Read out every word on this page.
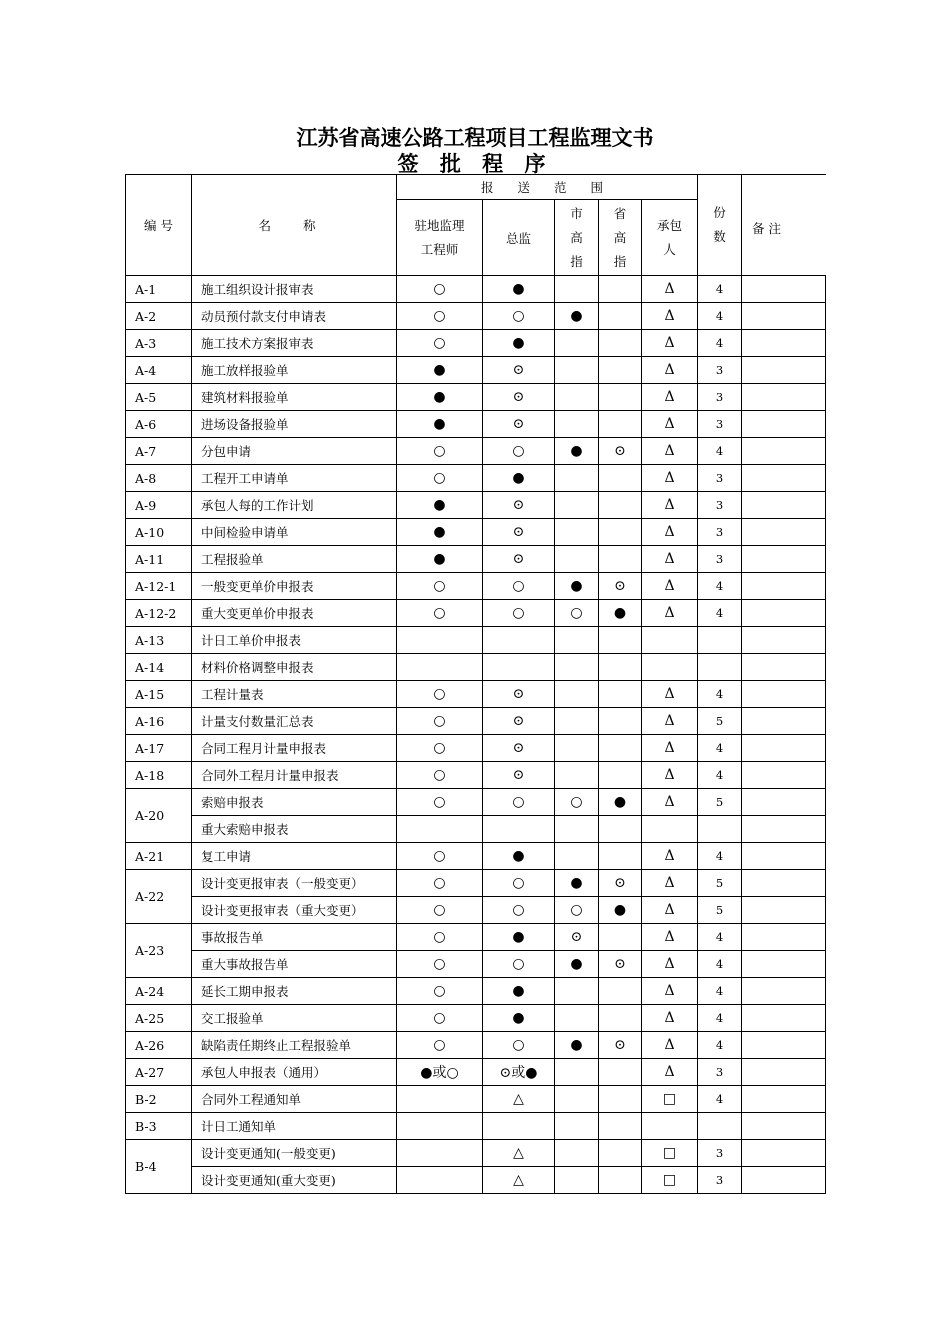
江苏省高速公路工程项目工程监理文书
签 批 程 序
编 号	名 称	报 送 范 围					份数	备 注

		驻地监理工程师	总监	市高指	省高指	承包人		

A-1	施工组织设计报审表	○	●			Δ	4	
A-2	动员预付款支付申请表	○	○	●		Δ	4	
A-3	施工技术方案报审表	○	●			Δ	4	
A-4	施工放样报验单	●	⊙			Δ	3	
A-5	建筑材料报验单	●	⊙			Δ	3	
A-6	进场设备报验单	●	⊙			Δ	3	
A-7	分包申请	○	○	●	⊙	Δ	4	
A-8	工程开工申请单	○	●			Δ	3	
A-9	承包人每的工作计划	●	⊙			Δ	3	
A-10	中间检验申请单	●	⊙			Δ	3	
A-11	工程报验单	●	⊙			Δ	3	
A-12-1	一般变更单价申报表	○	○	●	⊙	Δ	4	
A-12-2	重大变更单价申报表	○	○	○	●	Δ	4	
A-13	计日工单价申报表							
A-14	材料价格调整申报表							
A-15	工程计量表	○	⊙			Δ	4	
A-16	计量支付数量汇总表	○	⊙			Δ	5	
A-17	合同工程月计量申报表	○	⊙			Δ	4	
A-18	合同外工程月计量申报表	○	⊙			Δ	4	
A-20	索赔申报表	○	○	○	●	Δ	5	
	重大索赔申报表							
A-21	复工申请	○	●			Δ	4	
A-22	设计变更报审表（一般变更）	○	○	●	⊙	Δ	5	
	设计变更报审表（重大变更）	○	○	○	●	Δ	5	
A-23	事故报告单	○	●	⊙		Δ	4	
	重大事故报告单	○	○	●	⊙	Δ	4	
A-24	延长工期申报表	○	●			Δ	4	
A-25	交工报验单	○	●			Δ	4	
A-26	缺陷责任期终止工程报验单	○	○	●	⊙	Δ	4	
A-27	承包人申报表（通用）	●或○	⊙或●			Δ	3	
B-2	合同外工程通知单		△			□	4	
B-3	计日工通知单							
B-4	设计变更通知(一般变更)		△			□	3	
	设计变更通知(重大变更)		△			□	3	
